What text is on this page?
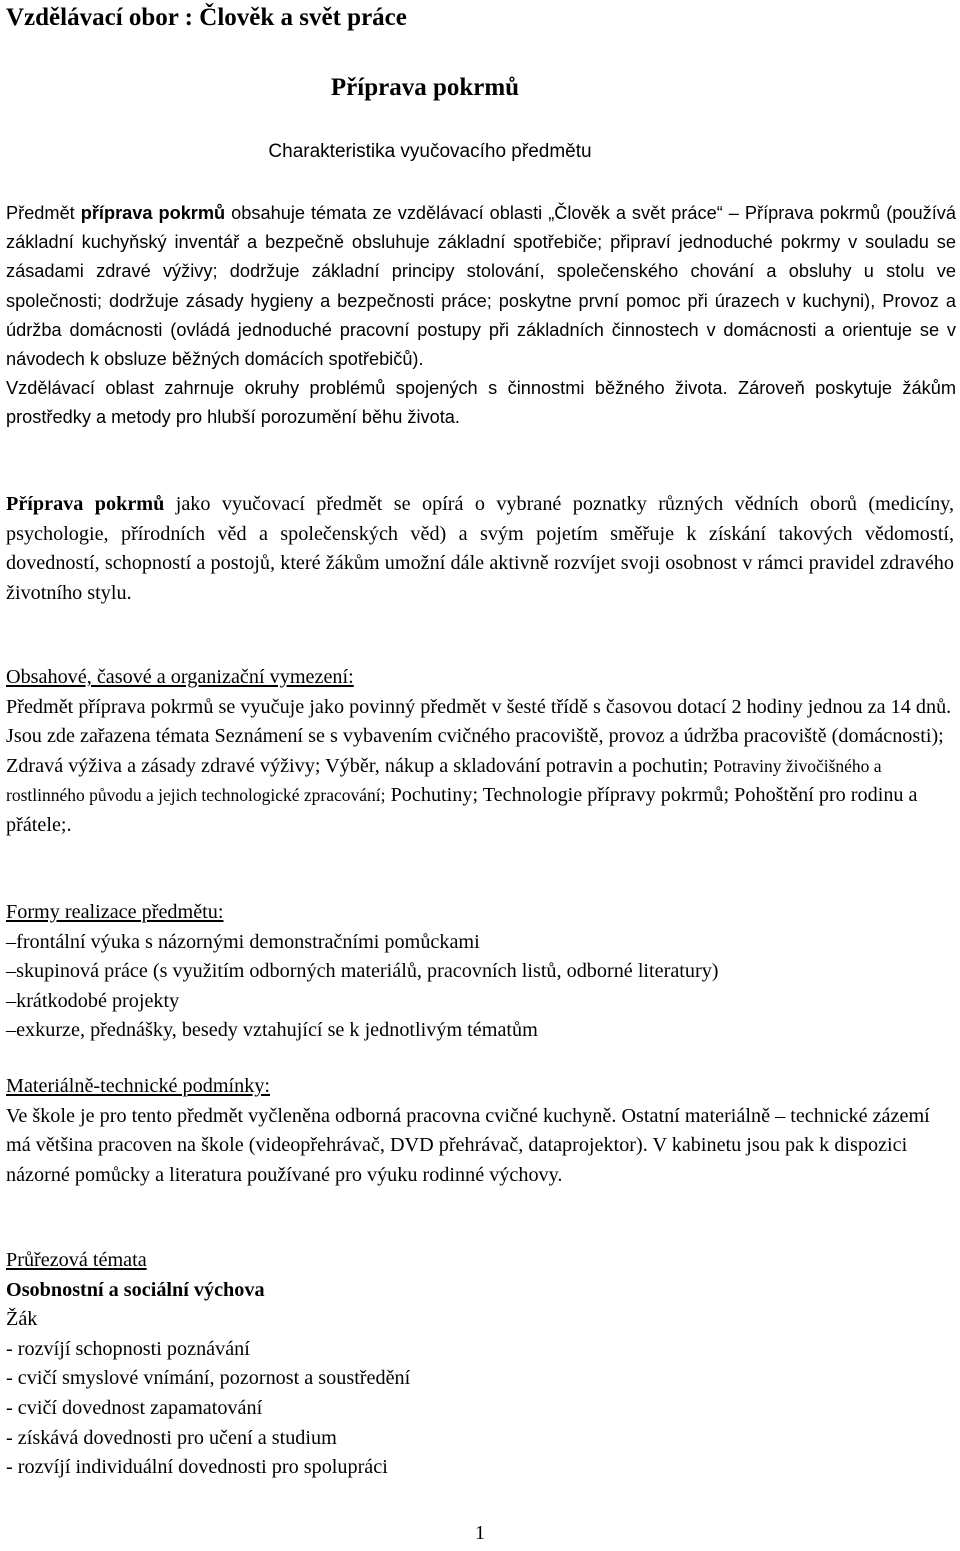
Vzdělávací obor : Člověk a svět práce
Příprava pokrmů

Charakteristika vyučovacího předmětu

Předmět příprava pokrmů obsahuje témata ze vzdělávací oblasti „Člověk a svět práce“ – Příprava pokrmů (používá základní kuchyňský inventář a bezpečně obsluhuje základní spotřebiče; připraví jednoduché pokrmy v souladu se zásadami zdravé výživy; dodržuje základní principy stolování, společenského chování a obsluhy u stolu ve společnosti; dodržuje zásady hygieny a bezpečnosti práce; poskytne první pomoc při úrazech v kuchyni), Provoz a údržba domácnosti (ovládá jednoduché pracovní postupy při základních činnostech v domácnosti a orientuje se v návodech k obsluze běžných domácích spotřebičů).
Vzdělávací oblast zahrnuje okruhy problémů spojených s činnostmi běžného života. Zároveň poskytuje žákům prostředky a metody pro hlubší porozumění běhu života.

Příprava pokrmů jako vyučovací předmět se opírá o vybrané poznatky různých vědních oborů (medicíny, psychologie, přírodních věd a společenských věd) a svým pojetím směřuje k získání takových vědomostí, dovedností, schopností a postojů, které žákům umožní dále aktivně rozvíjet svoji osobnost v rámci pravidel zdravého životního stylu.

Obsahové, časové a organizační vymezení:
Předmět příprava pokrmů se vyučuje jako povinný předmět v šesté třídě s časovou dotací 2 hodiny jednou za 14 dnů. Jsou zde zařazena témata Seznámení se s vybavením cvičného pracoviště, provoz a údržba pracoviště (domácnosti); Zdravá výživa a zásady zdravé výživy; Výběr, nákup a skladování potravin a pochutin; Potraviny živočišného a rostlinného původu a jejich technologické zpracování; Pochutiny; Technologie přípravy pokrmů; Pohoštění pro rodinu a přátele;.
Formy realizace předmětu:
‒ frontální výuka s názornými demonstračními pomůckami
‒ skupinová práce (s využitím odborných materiálů, pracovních listů, odborné literatury)
‒ krátkodobé projekty
‒ exkurze, přednášky, besedy vztahující se k jednotlivým tématům
Materiálně-technické podmínky:
Ve škole je pro tento předmět vyčleněna odborná pracovna cvičné kuchyně. Ostatní materiálně – technické zázemí má většina pracoven na škole (videopřehrávač, DVD přehrávač, dataprojektor). V kabinetu jsou pak k dispozici názorné pomůcky a literatura používané pro výuku rodinné výchovy.
Průřezová témata
Osobnostní a sociální výchova
Žák
- rozvíjí schopnosti poznávání
- cvičí smyslové vnímání, pozornost a soustředění
- cvičí dovednost zapamatování
- získává dovednosti pro učení a studium
- rozvíjí individuální dovednosti pro spolupráci
1
